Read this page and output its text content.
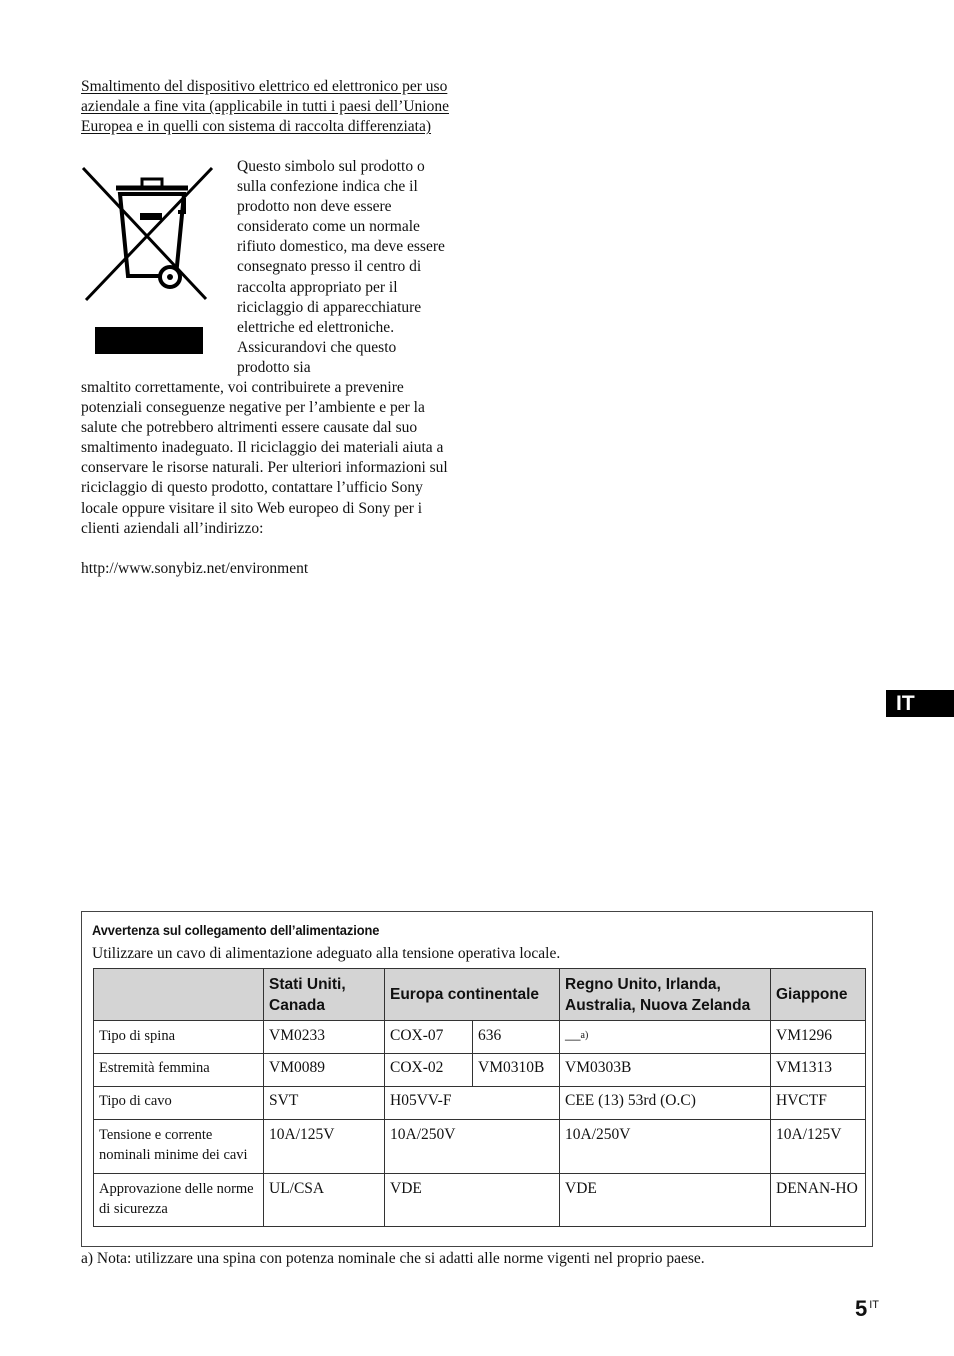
Smaltimento del dispositivo elettrico ed elettronico per uso aziendale a fine vita (applicabile in tutti i paesi dell’Unione Europea e in quelli con sistema di raccolta differenziata)
Questo simbolo sul prodotto o sulla confezione indica che il prodotto non deve essere considerato come un normale rifiuto domestico, ma deve essere consegnato presso il centro di raccolta appropriato per il riciclaggio di apparecchiature elettriche ed elettroniche. Assicurandovi che questo prodotto sia
smaltito correttamente, voi contribuirete a prevenire potenziali conseguenze negative per l’ambiente e per la salute che potrebbero altrimenti essere causate dal suo smaltimento inadeguato. Il riciclaggio dei materiali aiuta a conservare le risorse naturali. Per ulteriori informazioni sul riciclaggio di questo prodotto, contattare l’ufficio Sony locale oppure visitare il sito Web europeo di Sony per i clienti aziendali all’indirizzo:
http://www.sonybiz.net/environment
IT
Avvertenza sul collegamento dell’alimentazione
Utilizzare un cavo di alimentazione adeguato alla tensione operativa locale.
	Stati Uniti, Canada	Europa continentale		Regno Unito, Irlanda, Australia, Nuova Zelanda	Giappone
Tipo di spina	VM0233	COX-07	636	—$^{a)}$	VM1296
Estremità femmina	VM0089	COX-02	VM0310B	VM0303B	VM1313
Tipo di cavo	SVT	H05VV-F		CEE (13) 53rd (O.C)	HVCTF
Tensione e corrente nominali minime dei cavi	10A/125V	10A/250V		10A/250V	10A/125V
Approvazione delle norme di sicurezza	UL/CSA	VDE		VDE	DENAN-HO
a) Nota: utilizzare una spina con potenza nominale che si adatti alle norme vigenti nel proprio paese.
5 $^{IT}$
